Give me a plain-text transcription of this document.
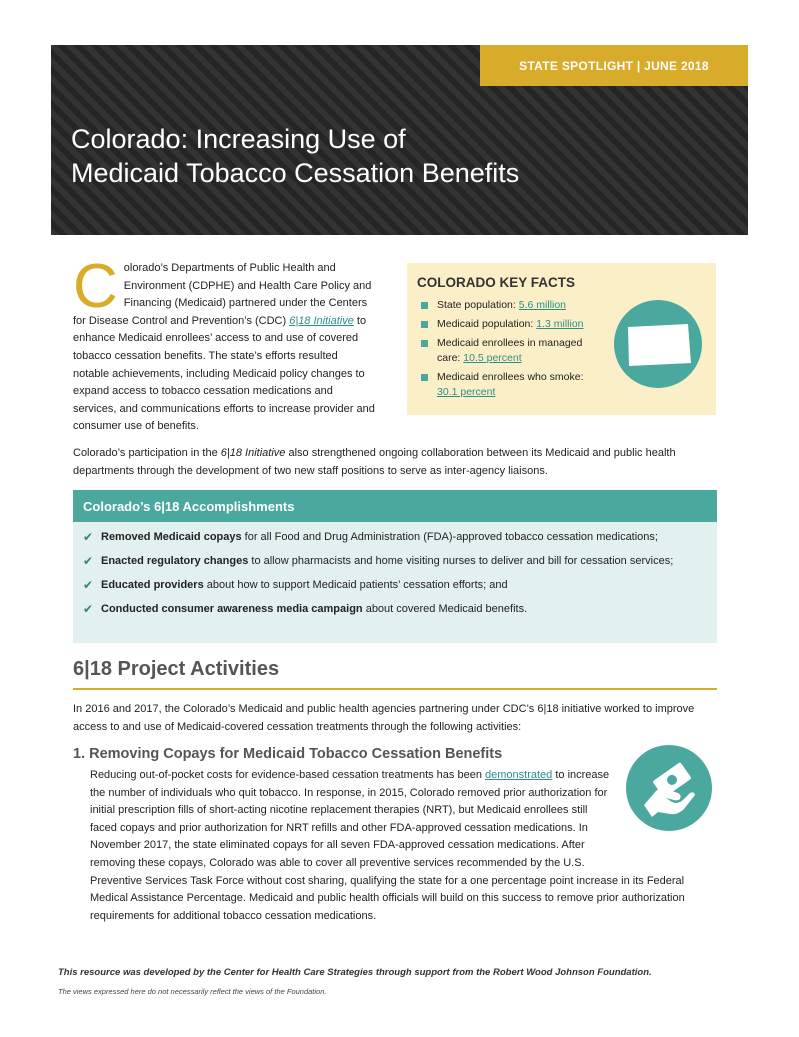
STATE SPOTLIGHT | JUNE 2018
Colorado: Increasing Use of
Medicaid Tobacco Cessation Benefits
Colorado’s Departments of Public Health and Environment (CDPHE) and Health Care Policy and Financing (Medicaid) partnered under the Centers for Disease Control and Prevention’s (CDC) 6|18 Initiative to enhance Medicaid enrollees’ access to and use of covered tobacco cessation benefits. The state’s efforts resulted notable achievements, including Medicaid policy changes to expand access to tobacco cessation medications and services, and communications efforts to increase provider and consumer use of benefits.
COLORADO KEY FACTS
State population: 5.6 million
Medicaid population: 1.3 million
Medicaid enrollees in managed care: 10.5 percent
Medicaid enrollees who smoke: 30.1 percent
Colorado’s participation in the 6|18 Initiative also strengthened ongoing collaboration between its Medicaid and public health departments through the development of two new staff positions to serve as inter-agency liaisons.
Colorado’s 6|18 Accomplishments
✔ Removed Medicaid copays for all Food and Drug Administration (FDA)-approved tobacco cessation medications;
✔ Enacted regulatory changes to allow pharmacists and home visiting nurses to deliver and bill for cessation services;
✔ Educated providers about how to support Medicaid patients’ cessation efforts; and
✔ Conducted consumer awareness media campaign about covered Medicaid benefits.
6|18 Project Activities

In 2016 and 2017, the Colorado’s Medicaid and public health agencies partnering under CDC’s 6|18 initiative worked to improve access to and use of Medicaid-covered cessation treatments through the following activities:

1. Removing Copays for Medicaid Tobacco Cessation Benefits
Reducing out-of-pocket costs for evidence-based cessation treatments has been demonstrated to increase the number of individuals who quit tobacco. In response, in 2015, Colorado removed prior authorization for initial prescription fills of short-acting nicotine replacement therapies (NRT), but Medicaid enrollees still faced copays and prior authorization for NRT refills and other FDA-approved cessation medications. In November 2017, the state eliminated copays for all seven FDA-approved cessation medications. After removing these copays, Colorado was able to cover all preventive services recommended by the U.S. Preventive Services Task Force without cost sharing, qualifying the state for a one percentage point increase in its Federal Medical Assistance Percentage. Medicaid and public health officials will build on this success to remove prior authorization requirements for additional tobacco cessation medications.

This resource was developed by the Center for Health Care Strategies through support from the Robert Wood Johnson Foundation.

The views expressed here do not necessarily reflect the views of the Foundation.
